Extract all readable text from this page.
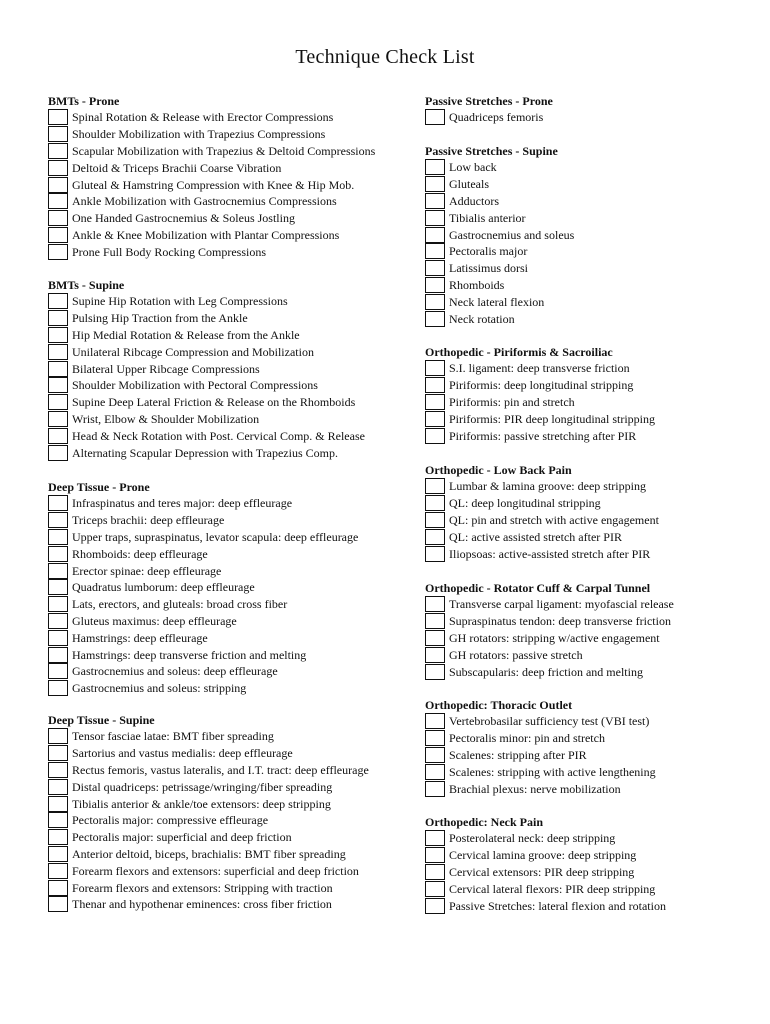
Technique Check List
BMTs - Prone
Spinal Rotation & Release with Erector Compressions
Shoulder Mobilization with Trapezius Compressions
Scapular Mobilization with Trapezius & Deltoid Compressions
Deltoid & Triceps Brachii Coarse Vibration
Gluteal & Hamstring Compression with Knee & Hip Mob.
Ankle Mobilization with Gastrocnemius Compressions
One Handed Gastrocnemius & Soleus Jostling
Ankle & Knee Mobilization with Plantar Compressions
Prone Full Body Rocking Compressions
BMTs - Supine
Supine Hip Rotation with Leg Compressions
Pulsing Hip Traction from the Ankle
Hip Medial Rotation & Release from the Ankle
Unilateral Ribcage Compression and Mobilization
Bilateral Upper Ribcage Compressions
Shoulder Mobilization with Pectoral Compressions
Supine Deep Lateral Friction & Release on the Rhomboids
Wrist, Elbow & Shoulder Mobilization
Head & Neck Rotation with Post. Cervical Comp. & Release
Alternating Scapular Depression with Trapezius Comp.
Deep Tissue - Prone
Infraspinatus and teres major: deep effleurage
Triceps brachii: deep effleurage
Upper traps, supraspinatus, levator scapula: deep effleurage
Rhomboids: deep effleurage
Erector spinae: deep effleurage
Quadratus lumborum: deep effleurage
Lats, erectors, and gluteals: broad cross fiber
Gluteus maximus: deep effleurage
Hamstrings: deep effleurage
Hamstrings: deep transverse friction and melting
Gastrocnemius and soleus: deep effleurage
Gastrocnemius and soleus: stripping
Deep Tissue - Supine
Tensor fasciae latae: BMT fiber spreading
Sartorius and vastus medialis: deep effleurage
Rectus femoris, vastus lateralis, and I.T. tract: deep effleurage
Distal quadriceps: petrissage/wringing/fiber spreading
Tibialis anterior & ankle/toe extensors: deep stripping
Pectoralis major: compressive effleurage
Pectoralis major: superficial and deep friction
Anterior deltoid, biceps, brachialis: BMT fiber spreading
Forearm flexors and extensors: superficial and deep friction
Forearm flexors and extensors: Stripping with traction
Thenar and hypothenar eminences: cross fiber friction
Passive Stretches - Prone
Quadriceps femoris
Passive Stretches - Supine
Low back
Gluteals
Adductors
Tibialis anterior
Gastrocnemius and soleus
Pectoralis major
Latissimus dorsi
Rhomboids
Neck lateral flexion
Neck rotation
Orthopedic - Piriformis & Sacroiliac
S.I. ligament: deep transverse friction
Piriformis: deep longitudinal stripping
Piriformis: pin and stretch
Piriformis: PIR deep longitudinal stripping
Piriformis: passive stretching after PIR
Orthopedic - Low Back Pain
Lumbar & lamina groove: deep stripping
QL: deep longitudinal stripping
QL: pin and stretch with active engagement
QL: active assisted stretch after PIR
Iliopsoas: active-assisted stretch after PIR
Orthopedic - Rotator Cuff & Carpal Tunnel
Transverse carpal ligament: myofascial release
Supraspinatus tendon: deep transverse friction
GH rotators: stripping w/active engagement
GH rotators: passive stretch
Subscapularis: deep friction and melting
Orthopedic: Thoracic Outlet
Vertebrobasilar sufficiency test (VBI test)
Pectoralis minor: pin and stretch
Scalenes: stripping after PIR
Scalenes: stripping with active lengthening
Brachial plexus: nerve mobilization
Orthopedic: Neck Pain
Posterolateral neck: deep stripping
Cervical lamina groove: deep stripping
Cervical extensors: PIR deep stripping
Cervical lateral flexors: PIR deep stripping
Passive Stretches: lateral flexion and rotation
